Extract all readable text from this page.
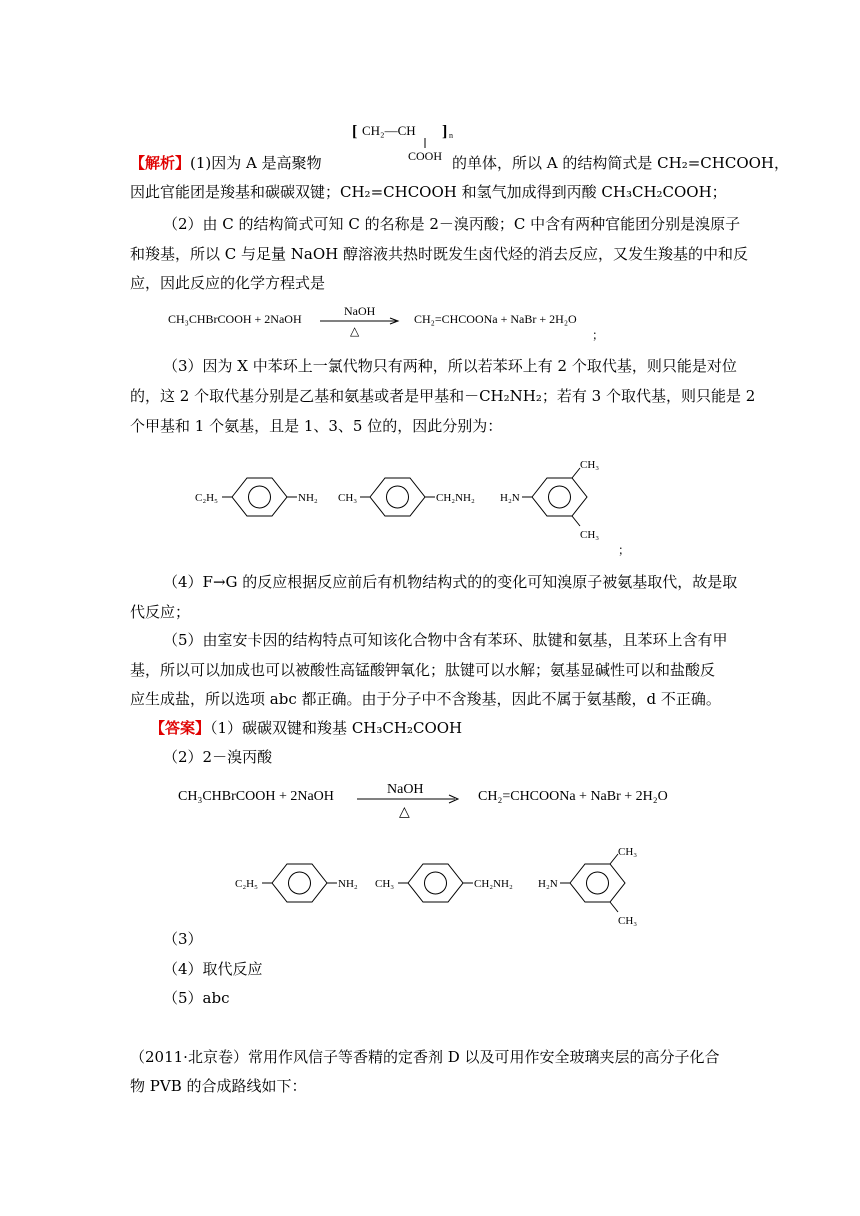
[ CH₂—CH ] n
COOH
【解析】(1)因为 A 是高聚物	的单体，所以 A 的结构简式是 CH₂=CHCOOH，
因此官能团是羧基和碳碳双键；CH₂=CHCOOH 和氢气加成得到丙酸 CH₃CH₂COOH；
（2）由 C 的结构简式可知 C 的名称是 2－溴丙酸；C 中含有两种官能团分别是溴原子
和羧基，所以 C 与足量 NaOH 醇溶液共热时既发生卤代烃的消去反应，又发生羧基的中和反
应，因此反应的化学方程式是
CH₃CHBrCOOH + 2NaOH
NaOH
△
CH₂=CHCOONa + NaBr + 2H₂O
；
（3）因为 X 中苯环上一氯代物只有两种，所以若苯环上有 2 个取代基，则只能是对位
的，这 2 个取代基分别是乙基和氨基或者是甲基和－CH₂NH₂；若有 3 个取代基，则只能是 2
个甲基和 1 个氨基，且是 1、3、5 位的，因此分别为：
C₂H₅	NH₂ CH₃	CH₂NH₂ H₂N
CH₃
CH₃
；
（4）F→G 的反应根据反应前后有机物结构式的的变化可知溴原子被氨基取代，故是取
代反应；
（5）由室安卡因的结构特点可知该化合物中含有苯环、肽键和氨基，且苯环上含有甲
基，所以可以加成也可以被酸性高锰酸钾氧化；肽键可以水解；氨基显碱性可以和盐酸反
应生成盐，所以选项 abc 都正确。由于分子中不含羧基，因此不属于氨基酸，d 不正确。
【答案】（1）碳碳双键和羧基 CH₃CH₂COOH
（2）2－溴丙酸
CH₃CHBrCOOH + 2NaOH	NaOH
△
CH₂=CHCOONa + NaBr + 2H₂O
C₂H₅	NH₂ CH₃	CH₂NH₂ H₂N
CH₃
CH₃
（3）
（4）取代反应
（5）abc
（2011·北京卷）常用作风信子等香精的定香剂 D 以及可用作安全玻璃夹层的高分子化合
物 PVB 的合成路线如下：
